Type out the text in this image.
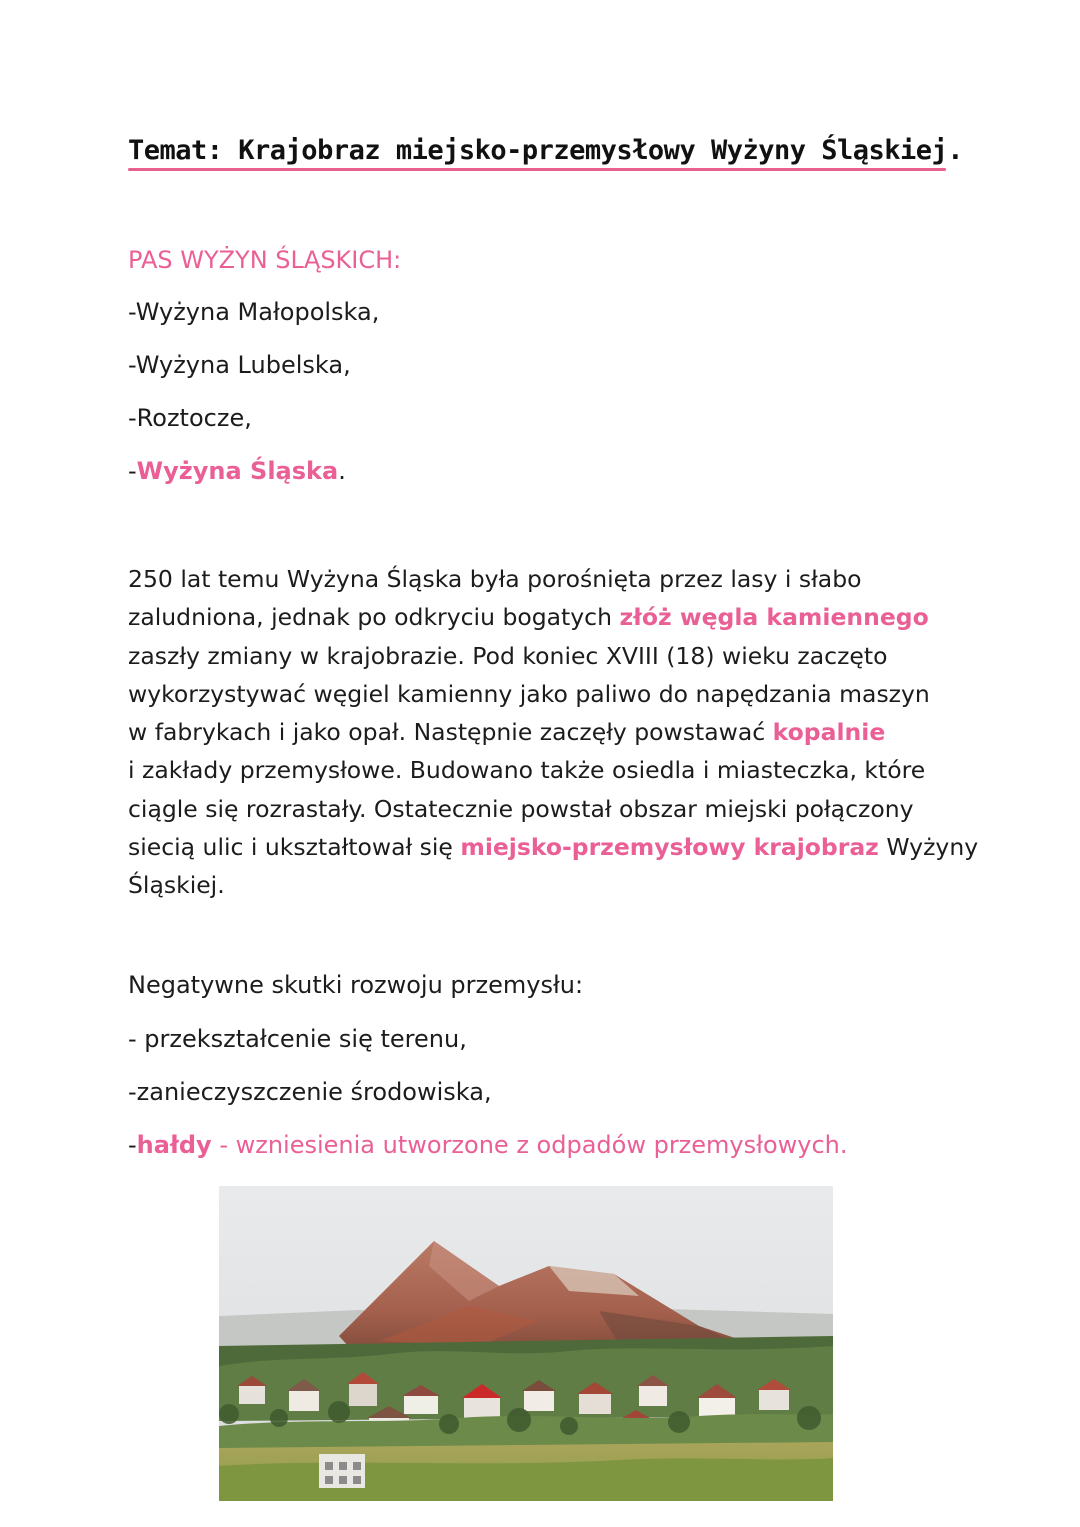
Temat: Krajobraz miejsko-przemysłowy Wyżyny Śląskiej.
PAS WYŻYN ŚLĄSKICH:
-Wyżyna Małopolska,
-Wyżyna Lubelska,
-Roztocze,
-Wyżyna Śląska.
250 lat temu Wyżyna Śląska była porośnięta przez lasy i słabo
zaludniona, jednak po odkryciu bogatych złóż węgla kamiennego
zaszły zmiany w krajobrazie. Pod koniec XVIII (18) wieku zaczęto
wykorzystywać węgiel kamienny jako paliwo do napędzania maszyn
w fabrykach i jako opał. Następnie zaczęły powstawać kopalnie
i zakłady przemysłowe. Budowano także osiedla i miasteczka, które
ciągle się rozrastały. Ostatecznie powstał obszar miejski połączony
siecią ulic i ukształtował się miejsko-przemysłowy krajobraz Wyżyny
Śląskiej.
Negatywne skutki rozwoju przemysłu:
- przekształcenie się terenu,
-zanieczyszczenie środowiska,
-hałdy - wzniesienia utworzone z odpadów przemysłowych.
